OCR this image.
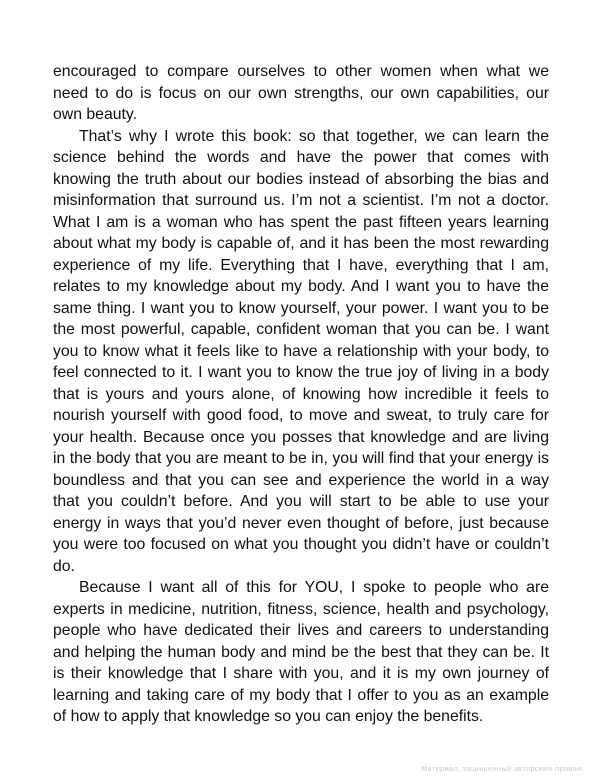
encouraged to compare ourselves to other women when what we need to do is focus on our own strengths, our own capabilities, our own beauty.

That’s why I wrote this book: so that together, we can learn the science behind the words and have the power that comes with knowing the truth about our bodies instead of absorbing the bias and misinformation that surround us. I’m not a scientist. I’m not a doctor. What I am is a woman who has spent the past fifteen years learning about what my body is capable of, and it has been the most rewarding experience of my life. Everything that I have, everything that I am, relates to my knowledge about my body. And I want you to have the same thing. I want you to know yourself, your power. I want you to be the most powerful, capable, confident woman that you can be. I want you to know what it feels like to have a relationship with your body, to feel connected to it. I want you to know the true joy of living in a body that is yours and yours alone, of knowing how incredible it feels to nourish yourself with good food, to move and sweat, to truly care for your health. Because once you posses that knowledge and are living in the body that you are meant to be in, you will find that your energy is boundless and that you can see and experience the world in a way that you couldn’t before. And you will start to be able to use your energy in ways that you’d never even thought of before, just because you were too focused on what you thought you didn’t have or couldn’t do.

Because I want all of this for YOU, I spoke to people who are experts in medicine, nutrition, fitness, science, health and psychology, people who have dedicated their lives and careers to understanding and helping the human body and mind be the best that they can be. It is their knowledge that I share with you, and it is my own journey of learning and taking care of my body that I offer to you as an example of how to apply that knowledge so you can enjoy the benefits.

Материал, защищенный авторским правом
